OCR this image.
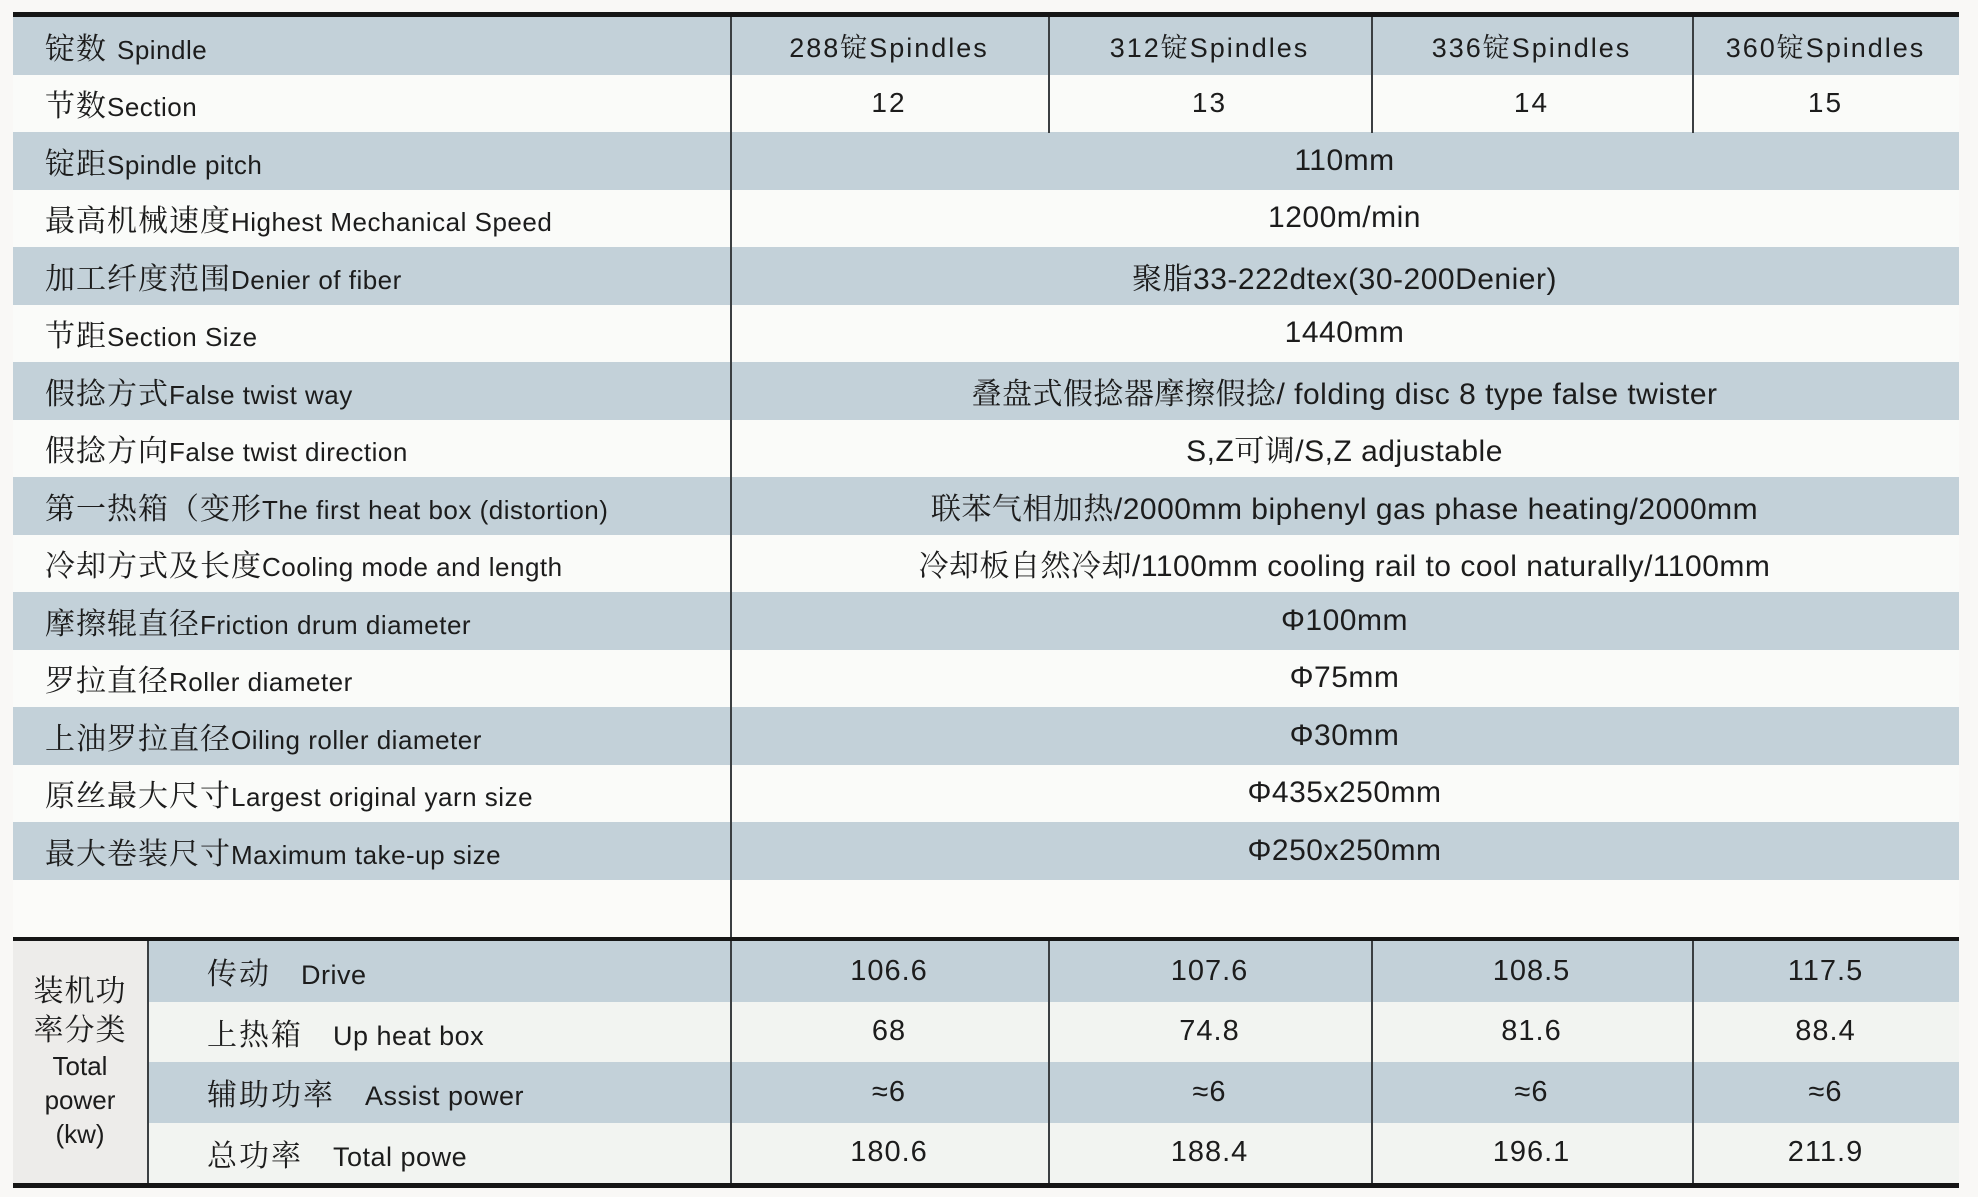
锭数 Spindle	288锭Spindles	312锭Spindles	336锭Spindles	360锭Spindles
节数Section	12	13	14	15
锭距Spindle pitch	110mm
最高机械速度Highest Mechanical Speed	1200m/min
加工纤度范围Denier of fiber	聚脂33-222dtex(30-200Denier)
节距Section Size	1440mm
假捻方式False twist way	叠盘式假捻器摩擦假捻/ folding disc 8 type false twister
假捻方向False twist direction	S,Z可调/S,Z adjustable
第一热箱（变形The first heat box (distortion)	联苯气相加热/2000mm biphenyl gas phase heating/2000mm
冷却方式及长度Cooling mode and length	冷却板自然冷却/1100mm cooling rail to cool naturally/1100mm
摩擦辊直径Friction drum diameter	Φ100mm
罗拉直径Roller diameter	Φ75mm
上油罗拉直径Oiling roller diameter	Φ30mm
原丝最大尺寸Largest original yarn size	Φ435x250mm
最大卷装尺寸Maximum take-up size	Φ250x250mm
装机功
率分类
Total
power
(kw)
传动 Drive	106.6	107.6	108.5	117.5
上热箱 Up heat box	68	74.8	81.6	88.4
辅助功率 Assist power	≈6	≈6	≈6	≈6
总功率 Total powe	180.6	188.4	196.1	211.9
